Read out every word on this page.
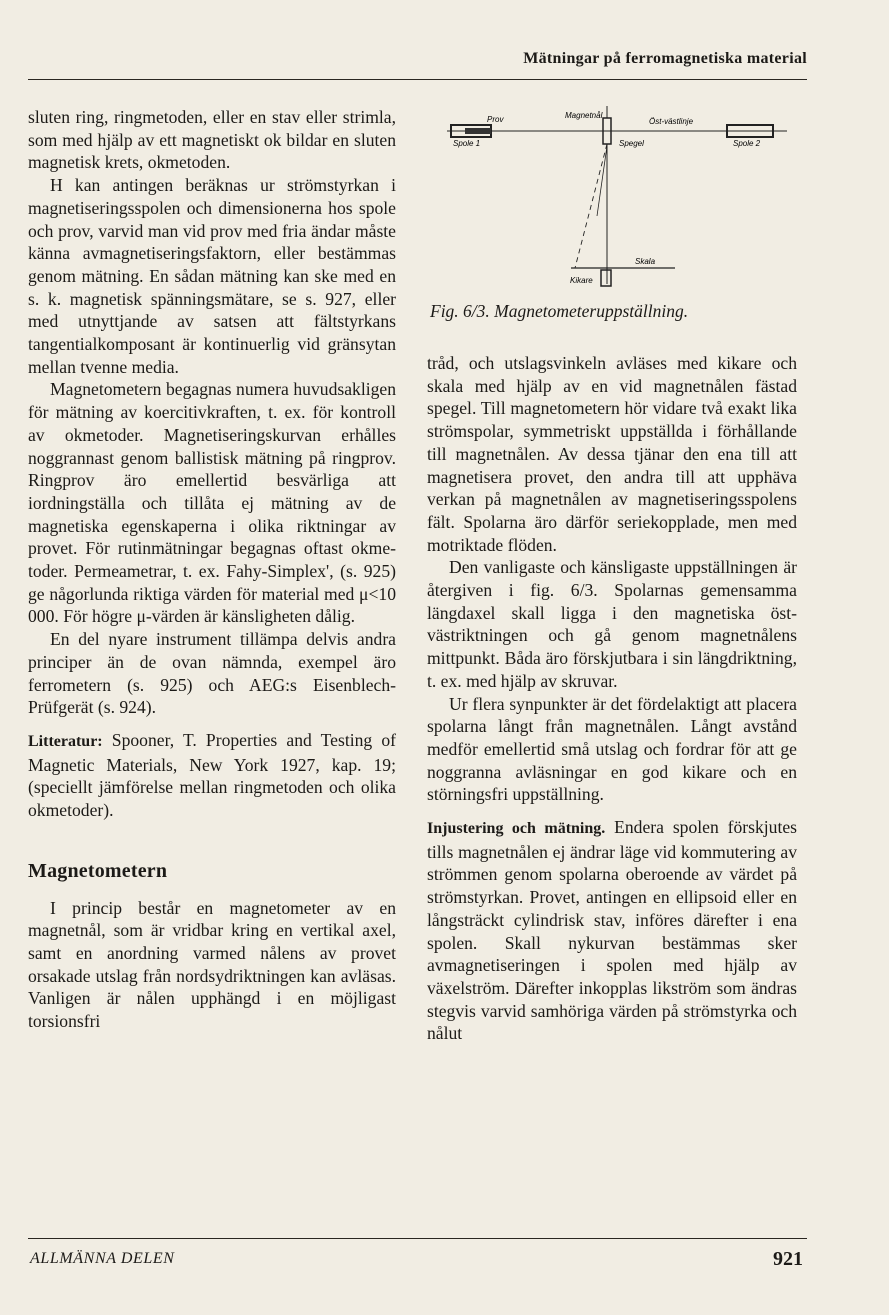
Mätningar på ferromagnetiska material

sluten ring, ringmetoden, eller en stav eller strimla, som med hjälp av ett magnetiskt ok bildar en sluten magnetisk krets, okmetoden.

H kan antingen beräknas ur strömstyrkan i magnetiseringsspolen och dimensionerna hos spole och prov, varvid man vid prov med fria ändar måste känna avmagnetiseringsfaktorn, eller bestämmas genom mätning. En sådan mätning kan ske med en s. k. magnetisk spänningsmätare, se s. 927, eller med utnyttjande av satsen att fältstyrkans tangentialkomposant är kontinuerlig vid gränsytan mellan tvenne media.

Magnetometern begagnas numera huvudsakligen för mätning av koercitivkraften, t. ex. för kontroll av okmetoder. Magnetiseringskurvan erhålles noggrannast genom ballistisk mätning på ringprov. Ringprov äro emellertid besvärliga att iordningställa och tillåta ej mätning av de magnetiska egenskaperna i olika riktningar av provet. För rutinmätningar begagnas oftast okmetoder. Permeametrar, t. ex. Fahy-Simplex', (s. 925) ge någorlunda riktiga värden för material med μ<10 000. För högre μ-värden är känsligheten dålig.

En del nyare instrument tillämpa delvis andra principer än de ovan nämnda, exempel äro ferrometern (s. 925) och AEG:s Eisenblech-Prüfgerät (s. 924).

Litteratur: Spooner, T. Properties and Testing of Magnetic Materials, New York 1927, kap. 19; (speciellt jämförelse mellan ringmetoden och olika okmetoder).

Magnetometern

I princip består en magnetometer av en magnetnål, som är vridbar kring en vertikal axel, samt en anordning varmed nålens av provet orsakade utslag från nordsydriktningen kan avläsas. Vanligen är nålen upphängd i en möjligast torsionsfri

Prov	Magnetnål
Öst-västlinje
Spole 1	Spegel	Spole 2
Skala
Kikare
Fig. 6/3. Magnetometeruppställning.

tråd, och utslagsvinkeln avläses med kikare och skala med hjälp av en vid magnetnålen fästad spegel. Till magnetometern hör vidare två exakt lika strömspolar, symmetriskt uppställda i förhållande till magnetnålen. Av dessa tjänar den ena till att magnetisera provet, den andra till att upphäva verkan på magnetnålen av magnetiseringsspolens fält. Spolarna äro därför seriekopplade, men med motriktade flöden.

Den vanligaste och känsligaste uppställningen är återgiven i fig. 6/3. Spolarnas gemensamma längdaxel skall ligga i den magnetiska öst-västriktningen och gå genom magnetnålens mittpunkt. Båda äro förskjutbara i sin längdriktning, t. ex. med hjälp av skruvar.

Ur flera synpunkter är det fördelaktigt att placera spolarna långt från magnetnålen. Långt avstånd medför emellertid små utslag och fordrar för att ge noggranna avläsningar en god kikare och en störningsfri uppställning.

Injustering och mätning. Endera spolen förskjutes tills magnetnålen ej ändrar läge vid kommutering av strömmen genom spolarna oberoende av värdet på strömstyrkan. Provet, antingen en ellipsoid eller en långsträckt cylindrisk stav, införes därefter i ena spolen. Skall nykurvan bestämmas sker avmagnetiseringen i spolen med hjälp av växelström. Därefter inkopplas likström som ändras stegvis varvid samhöriga värden på strömstyrka och nålut

ALLMÄNNA DELEN	921
